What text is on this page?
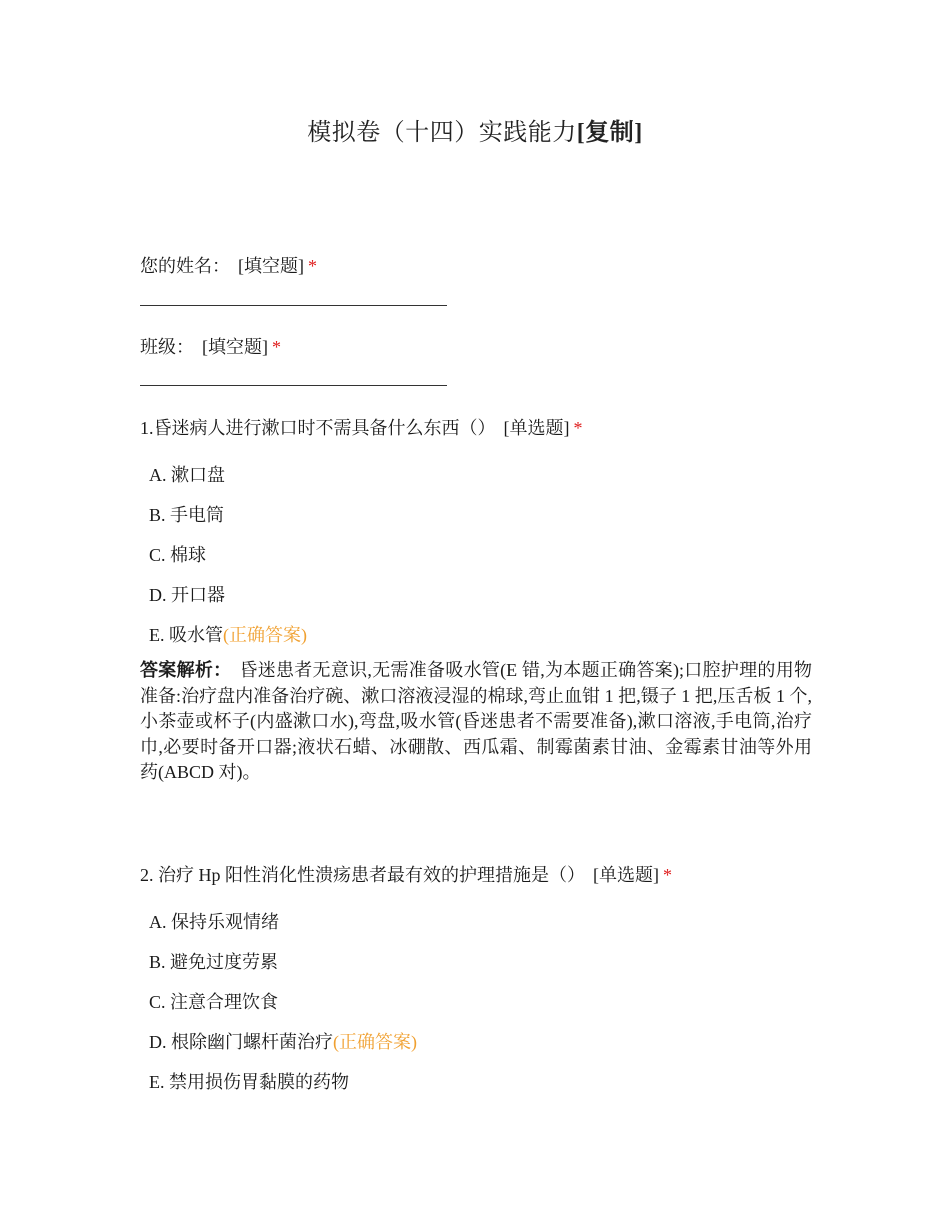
模拟卷（十四）实践能力[复制]
您的姓名： [填空题] *
班级： [填空题] *
1.昏迷病人进行漱口时不需具备什么东西（） [单选题] *
A. 漱口盘
B. 手电筒
C. 棉球
D. 开口器
E. 吸水管(正确答案)
答案解析： 昏迷患者无意识,无需准备吸水管(E 错,为本题正确答案);口腔护理的用物准备:治疗盘内准备治疗碗、漱口溶液浸湿的棉球,弯止血钳 1 把,镊子 1 把,压舌板 1 个,小茶壶或杯子(内盛漱口水),弯盘,吸水管(昏迷患者不需要准备),漱口溶液,手电筒,治疗巾,必要时备开口器;液状石蜡、冰硼散、西瓜霜、制霉菌素甘油、金霉素甘油等外用药(ABCD 对)。
2. 治疗 Hp 阳性消化性溃疡患者最有效的护理措施是（） [单选题] *
A. 保持乐观情绪
B. 避免过度劳累
C. 注意合理饮食
D. 根除幽门螺杆菌治疗(正确答案)
E. 禁用损伤胃黏膜的药物
